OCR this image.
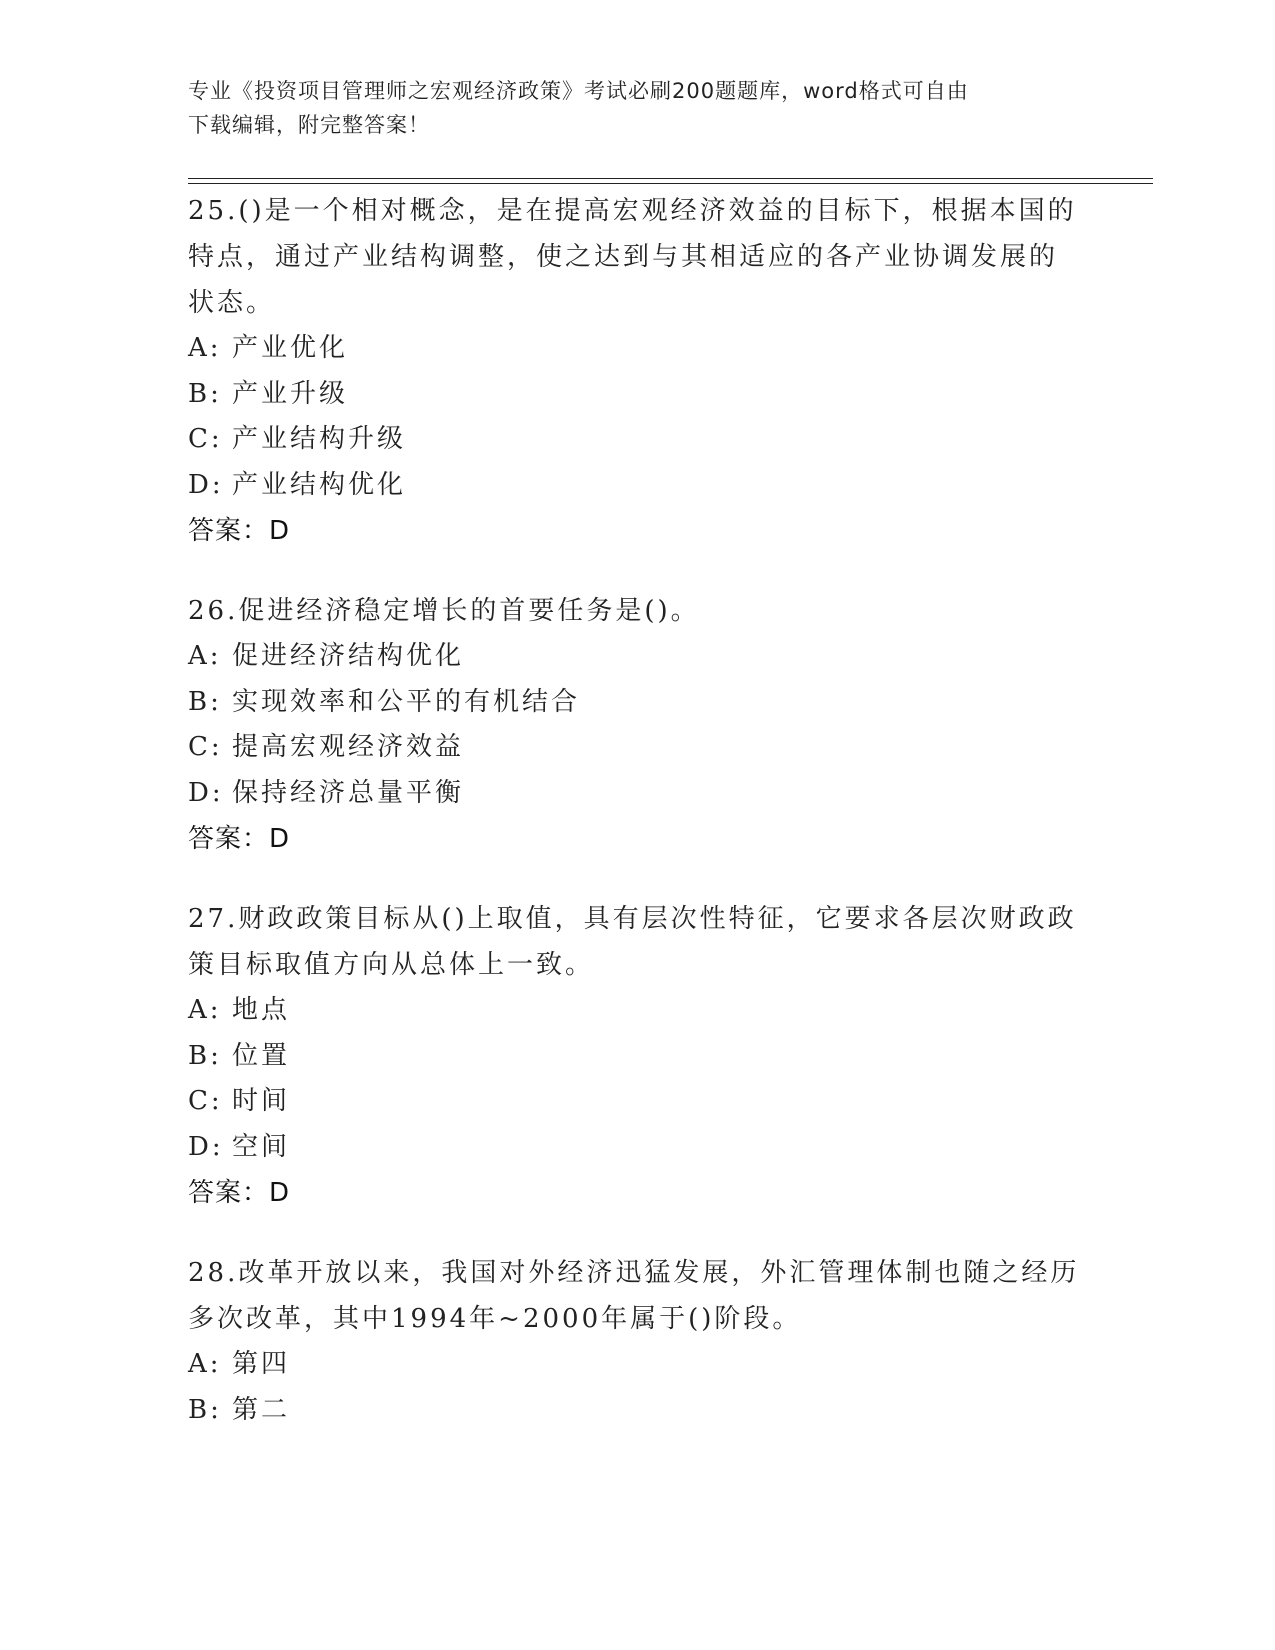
专业《投资项目管理师之宏观经济政策》考试必刷200题题库，word格式可自由
下载编辑，附完整答案！
25.()是一个相对概念，是在提高宏观经济效益的目标下，根据本国的
特点，通过产业结构调整，使之达到与其相适应的各产业协调发展的
状态。
A: 产业优化
B: 产业升级
C: 产业结构升级
D: 产业结构优化
答案：D
26.促进经济稳定增长的首要任务是()。
A: 促进经济结构优化
B: 实现效率和公平的有机结合
C: 提高宏观经济效益
D: 保持经济总量平衡
答案：D
27.财政政策目标从()上取值，具有层次性特征，它要求各层次财政政
策目标取值方向从总体上一致。
A: 地点
B: 位置
C: 时间
D: 空间
答案：D
28.改革开放以来，我国对外经济迅猛发展，外汇管理体制也随之经历
多次改革，其中1994年~2000年属于()阶段。
A: 第四
B: 第二
